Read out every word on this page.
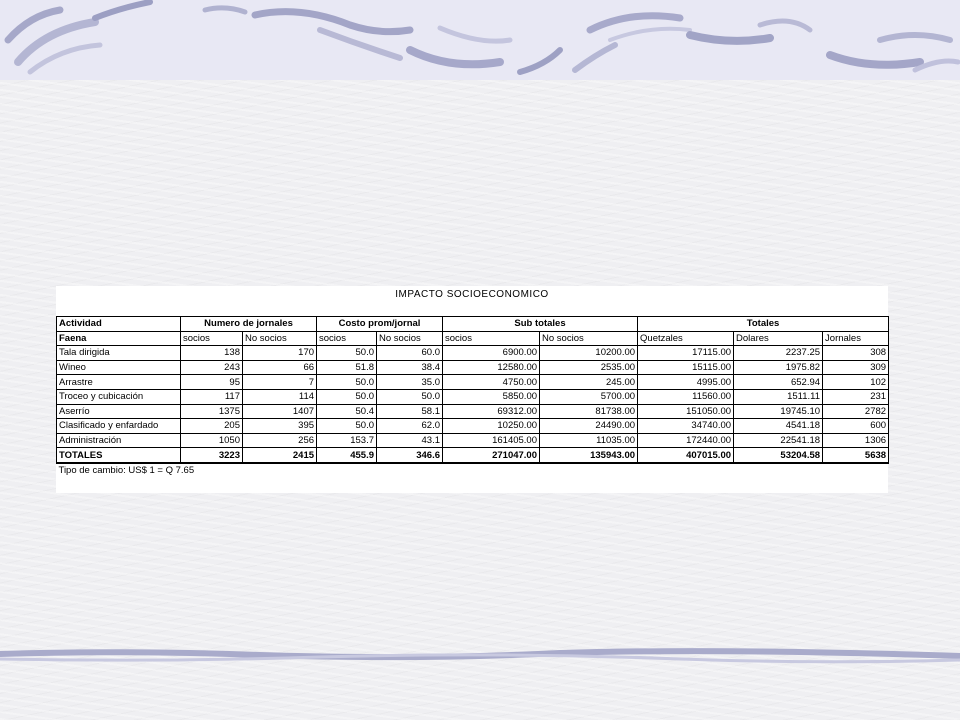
IMPACTO SOCIOECONOMICO
Actividad	Numero de jornales		Costo prom/jornal		Sub totales		Totales		
Faena	socios	No socios	socios	No socios	socios	No socios	Quetzales	Dolares	Jornales
Tala dirigida	138	170	50.0	60.0	6900.00	10200.00	17115.00	2237.25	308
Wineo	243	66	51.8	38.4	12580.00	2535.00	15115.00	1975.82	309
Arrastre	95	7	50.0	35.0	4750.00	245.00	4995.00	652.94	102
Troceo y cubicación	117	114	50.0	50.0	5850.00	5700.00	11560.00	1511.11	231
Aserrío	1375	1407	50.4	58.1	69312.00	81738.00	151050.00	19745.10	2782
Clasificado y enfardado	205	395	50.0	62.0	10250.00	24490.00	34740.00	4541.18	600
Administración	1050	256	153.7	43.1	161405.00	11035.00	172440.00	22541.18	1306
TOTALES	3223	2415	455.9	346.6	271047.00	135943.00	407015.00	53204.58	5638
Tipo de cambio: US$ 1 = Q 7.65									
